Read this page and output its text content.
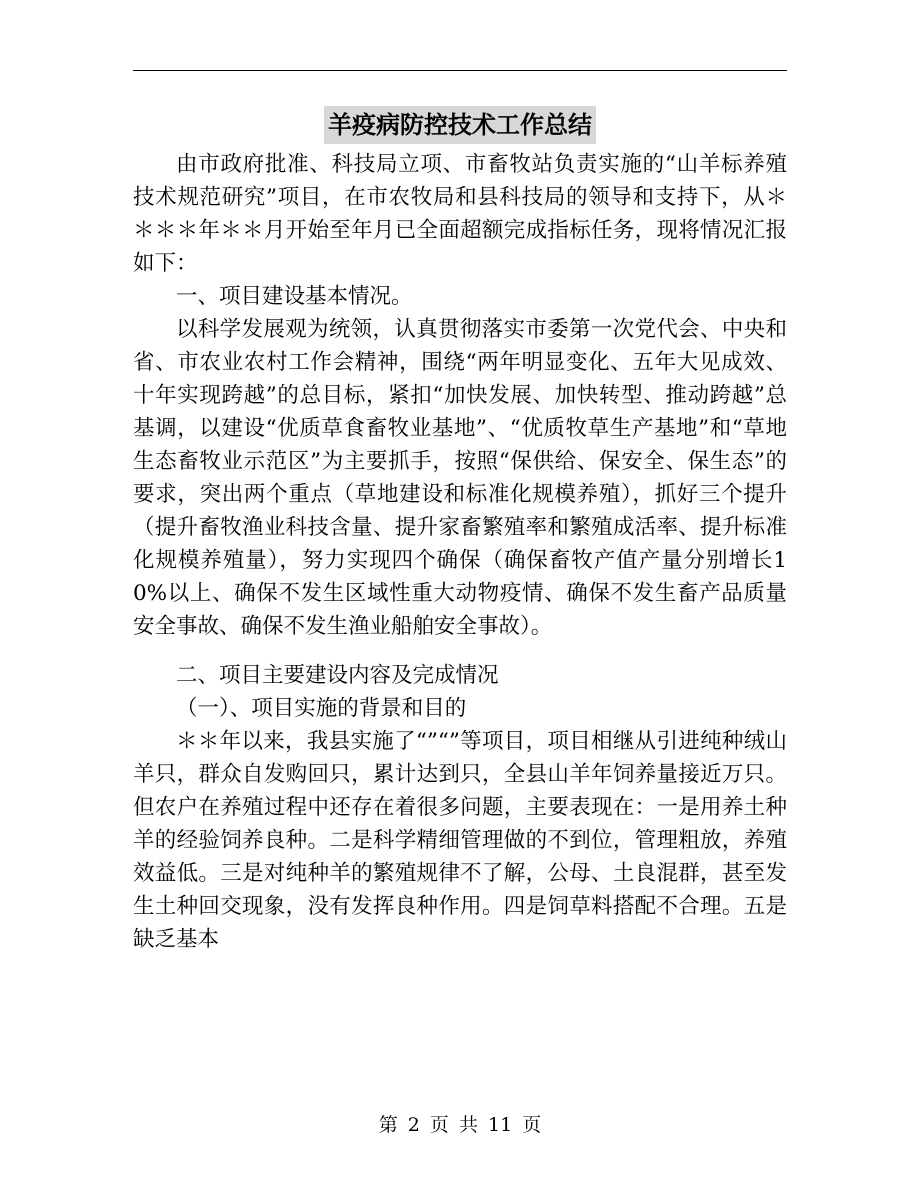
羊疫病防控技术工作总结

由市政府批准、科技局立项、市畜牧站负责实施的“山羊标养殖技术规范研究”项目，在市农牧局和县科技局的领导和支持下，从＊＊＊＊年＊＊月开始至年月已全面超额完成指标任务，现将情况汇报如下：

一、项目建设基本情况。

以科学发展观为统领，认真贯彻落实市委第一次党代会、中央和省、市农业农村工作会精神，围绕“两年明显变化、五年大见成效、十年实现跨越”的总目标，紧扣“加快发展、加快转型、推动跨越”总基调，以建设“优质草食畜牧业基地”、“优质牧草生产基地”和“草地生态畜牧业示范区”为主要抓手，按照“保供给、保安全、保生态”的要求，突出两个重点（草地建设和标准化规模养殖），抓好三个提升（提升畜牧渔业科技含量、提升家畜繁殖率和繁殖成活率、提升标准化规模养殖量），努力实现四个确保（确保畜牧产值产量分别增长10%以上、确保不发生区域性重大动物疫情、确保不发生畜产品质量安全事故、确保不发生渔业船舶安全事故）。

二、项目主要建设内容及完成情况

（一）、项目实施的背景和目的

＊＊年以来，我县实施了“”“”等项目，项目相继从引进纯种绒山羊只，群众自发购回只，累计达到只，全县山羊年饲养量接近万只。但农户在养殖过程中还存在着很多问题，主要表现在：一是用养土种羊的经验饲养良种。二是科学精细管理做的不到位，管理粗放，养殖效益低。三是对纯种羊的繁殖规律不了解，公母、土良混群，甚至发生土种回交现象，没有发挥良种作用。四是饲草料搭配不合理。五是缺乏基本

第 2 页 共 11 页
